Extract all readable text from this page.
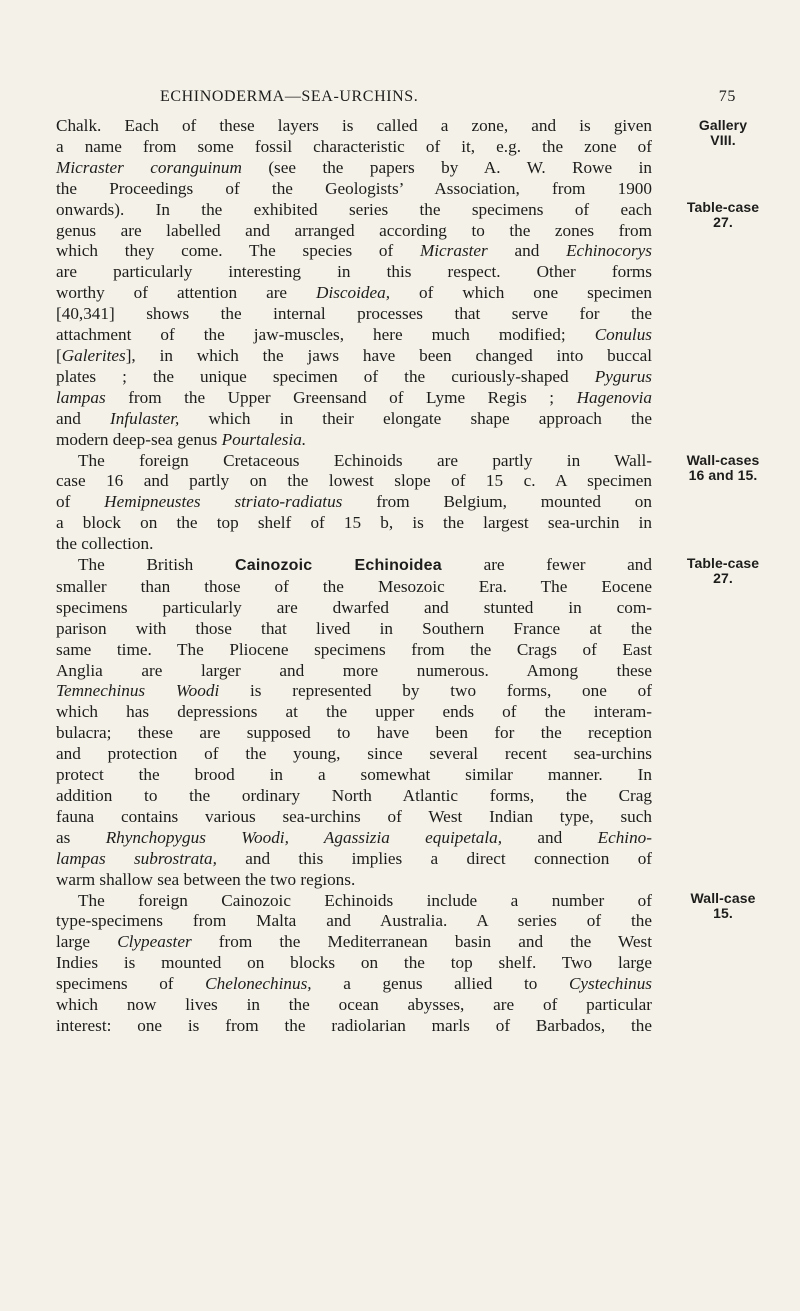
ECHINODERMA—SEA-URCHINS.	75
Chalk. Each of these layers is called a zone, and is given
a name from some fossil characteristic of it, e.g. the zone of
Micraster coranguinum (see the papers by A. W. Rowe in
the Proceedings of the Geologists’ Association, from 1900
onwards). In the exhibited series the specimens of each
genus are labelled and arranged according to the zones from
which they come. The species of Micraster and Echinocorys
are particularly interesting in this respect. Other forms
worthy of attention are Discoidea, of which one specimen
[40,341] shows the internal processes that serve for the
attachment of the jaw-muscles, here much modified; Conulus
[Galerites], in which the jaws have been changed into buccal
plates ; the unique specimen of the curiously-shaped Pygurus
lampas from the Upper Greensand of Lyme Regis ; Hagenovia
and Infulaster, which in their elongate shape approach the
modern deep-sea genus Pourtalesia.
The foreign Cretaceous Echinoids are partly in Wall-
case 16 and partly on the lowest slope of 15 c. A specimen
of Hemipneustes striato-radiatus from Belgium, mounted on
a block on the top shelf of 15 b, is the largest sea-urchin in
the collection.
The British Cainozoic Echinoidea are fewer and
smaller than those of the Mesozoic Era. The Eocene
specimens particularly are dwarfed and stunted in com-
parison with those that lived in Southern France at the
same time. The Pliocene specimens from the Crags of East
Anglia are larger and more numerous. Among these
Temnechinus Woodi is represented by two forms, one of
which has depressions at the upper ends of the interam-
bulacra; these are supposed to have been for the reception
and protection of the young, since several recent sea-urchins
protect the brood in a somewhat similar manner. In
addition to the ordinary North Atlantic forms, the Crag
fauna contains various sea-urchins of West Indian type, such
as Rhynchopygus Woodi, Agassizia equipetala, and Echino-
lampas subrostrata, and this implies a direct connection of
warm shallow sea between the two regions.
The foreign Cainozoic Echinoids include a number of
type-specimens from Malta and Australia. A series of the
large Clypeaster from the Mediterranean basin and the West
Indies is mounted on blocks on the top shelf. Two large
specimens of Chelonechinus, a genus allied to Cystechinus
which now lives in the ocean abysses, are of particular
interest: one is from the radiolarian marls of Barbados, the
Gallery
VIII.
Table-case
27.
Wall-cases
16 and 15.
Table-case
27.
Wall-case
15.
